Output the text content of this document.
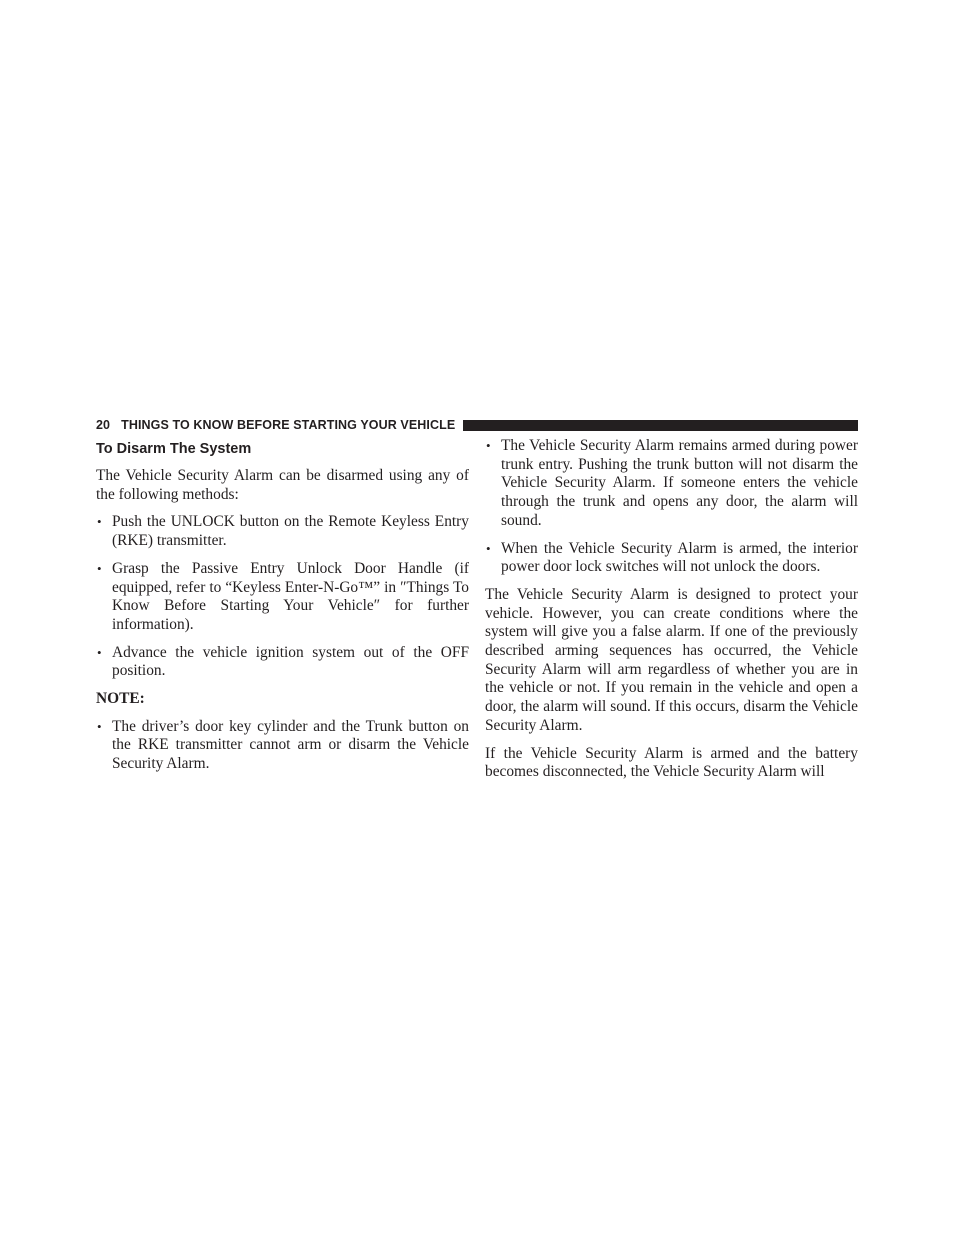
20 THINGS TO KNOW BEFORE STARTING YOUR VEHICLE
To Disarm The System

The Vehicle Security Alarm can be disarmed using any of the following methods:

• Push the UNLOCK button on the Remote Keyless Entry (RKE) transmitter.
• Grasp the Passive Entry Unlock Door Handle (if equipped, refer to “Keyless Enter-N-Go™” in ″Things To Know Before Starting Your Vehicle″ for further information).
• Advance the vehicle ignition system out of the OFF position.
NOTE:
• The driver’s door key cylinder and the Trunk button on the RKE transmitter cannot arm or disarm the Vehicle Security Alarm.
• The Vehicle Security Alarm remains armed during power trunk entry. Pushing the trunk button will not disarm the Vehicle Security Alarm. If someone enters the vehicle through the trunk and opens any door, the alarm will sound.
• When the Vehicle Security Alarm is armed, the interior power door lock switches will not unlock the doors.

The Vehicle Security Alarm is designed to protect your vehicle. However, you can create conditions where the system will give you a false alarm. If one of the previously described arming sequences has occurred, the Vehicle Security Alarm will arm regardless of whether you are in the vehicle or not. If you remain in the vehicle and open a door, the alarm will sound. If this occurs, disarm the Vehicle Security Alarm.

If the Vehicle Security Alarm is armed and the battery becomes disconnected, the Vehicle Security Alarm will
